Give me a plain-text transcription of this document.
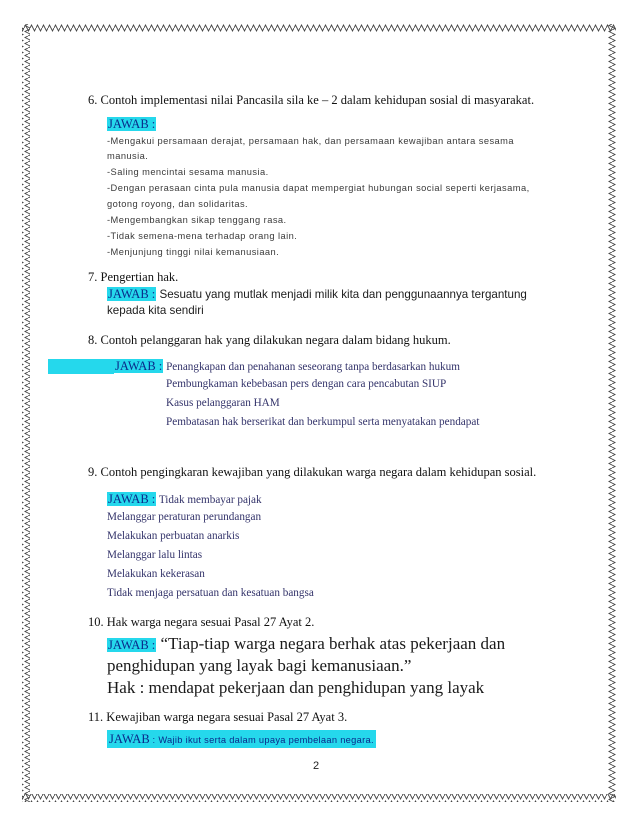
6. Contoh implementasi nilai Pancasila sila ke – 2 dalam kehidupan sosial di masyarakat.
JAWAB :
-Mengakui persamaan derajat, persamaan hak, dan persamaan kewajiban antara sesama
manusia.
-Saling mencintai sesama manusia.
-Dengan perasaan cinta pula manusia dapat mempergiat hubungan social seperti kerjasama,
gotong royong, dan solidaritas.
-Mengembangkan sikap tenggang rasa.
-Tidak semena-mena terhadap orang lain.
-Menjunjung tinggi nilai kemanusiaan.
7. Pengertian hak.
JAWAB : Sesuatu yang mutlak menjadi milik kita dan penggunaannya tergantung
kepada kita sendiri
8. Contoh pelanggaran hak yang dilakukan negara dalam bidang hukum.
JAWAB : Penangkapan dan penahanan seseorang tanpa berdasarkan hukum
Pembungkaman kebebasan pers dengan cara pencabutan SIUP
Kasus pelanggaran HAM
Pembatasan hak berserikat dan berkumpul serta menyatakan pendapat
9. Contoh pengingkaran kewajiban yang dilakukan warga negara dalam kehidupan sosial.
JAWAB : Tidak membayar pajak
Melanggar peraturan perundangan
Melakukan perbuatan anarkis
Melanggar lalu lintas
Melakukan kekerasan
Tidak menjaga persatuan dan kesatuan bangsa
10. Hak warga negara sesuai Pasal 27 Ayat 2.
JAWAB : “Tiap-tiap warga negara berhak atas pekerjaan dan
penghidupan yang layak bagi kemanusiaan.”
Hak : mendapat pekerjaan dan penghidupan yang layak
11. Kewajiban warga negara sesuai Pasal 27 Ayat 3.
JAWAB : Wajib ikut serta dalam upaya pembelaan negara.
2
